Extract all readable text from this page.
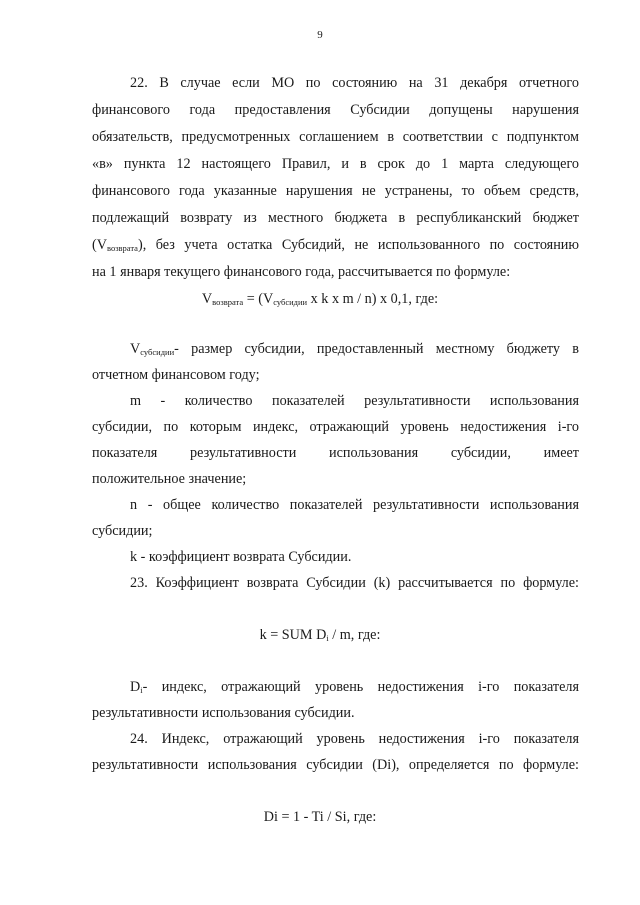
9
22. В случае если МО по состоянию на 31 декабря отчетного
финансового года предоставления Субсидии допущены нарушения
обязательств, предусмотренных соглашением в соответствии с подпунктом
«в» пункта 12 настоящего Правил, и в срок до 1 марта следующего
финансового года указанные нарушения не устранены, то объем средств,
подлежащий возврату из местного бюджета в республиканский бюджет
$(V_{возврата})$, без учета остатка Субсидий, не использованного по состоянию
на 1 января текущего финансового года, рассчитывается по формуле:
$V_{возврата} = (V_{субсидии}$ x k x m / n) x 0,1, где:
$V_{субсидии}-$ размер субсидии, предоставленный местному бюджету в
отчетном финансовом году;
m - количество показателей результативности использования
субсидии, по которым индекс, отражающий уровень недостижения i-го
показателя результативности использования субсидии, имеет
положительное значение;
n - общее количество показателей результативности использования
субсидии;
k - коэффициент возврата Субсидии.
23. Коэффициент возврата Субсидии (k) рассчитывается по формуле:
k = SUM $D_i$ / m, где:
$D_i-$ индекс, отражающий уровень недостижения i-го показателя
результативности использования субсидии.
24. Индекс, отражающий уровень недостижения i-го показателя
результативности использования субсидии (Di), определяется по формуле:
Di = 1 - Ti / Si, где:
